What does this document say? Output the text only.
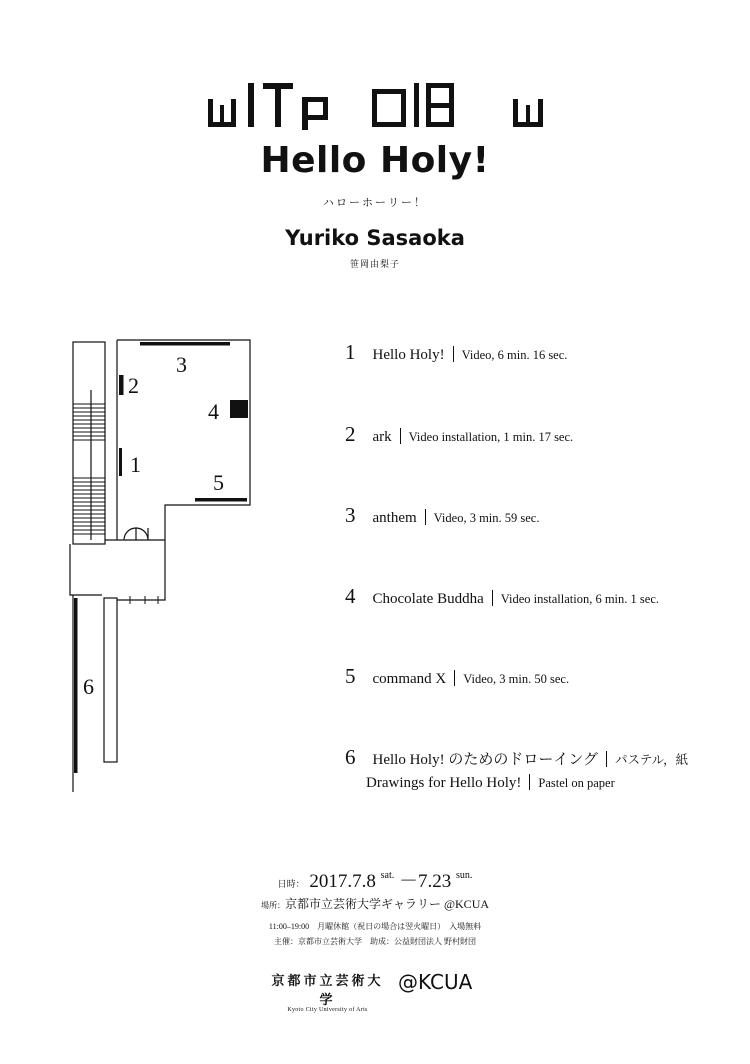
Hello Holy!
ハローホーリー！
Yuriko Sasaoka
笹岡由梨子
1
2
3
4
5
6
1 Hello Holy! Video, 6 min. 16 sec.
2 ark Video installation, 1 min. 17 sec.
3 anthem Video, 3 min. 59 sec.
4 Chocolate Buddha Video installation, 6 min. 1 sec.
5 command X Video, 3 min. 50 sec.
6 Hello Holy! のためのドローイング パステル，紙
Drawings for Hello Holy! Pastel on paper
日時： 2017.7.8 $^{sat.}$ －7.23 $^{sun.}$
場所：京都市立芸術大学ギャラリー @KCUA
11:00–19:00　月曜休館（祝日の場合は翌火曜日）　入場無料
主催：京都市立芸術大学　助成：公益財団法人 野村財団
京都市立芸術大学
Kyoto City University of Arts
@KCUA
